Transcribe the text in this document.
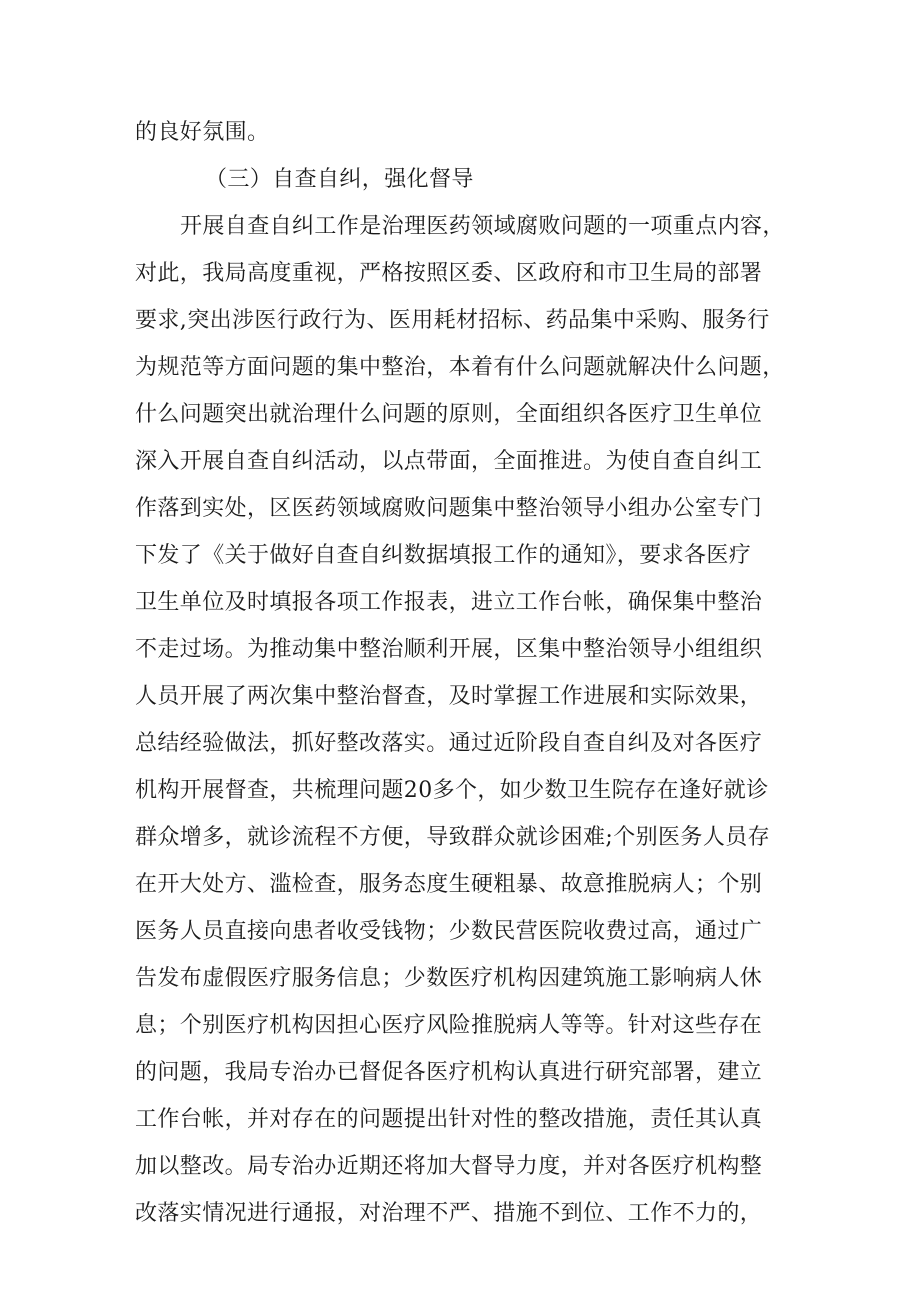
的良好氛围。
（三）自查自纠，强化督导
开展自查自纠工作是治理医药领域腐败问题的一项重点内容，
对此，我局高度重视，严格按照区委、区政府和市卫生局的部署
要求,突出涉医行政行为、医用耗材招标、药品集中采购、服务行
为规范等方面问题的集中整治，本着有什么问题就解决什么问题，
什么问题突出就治理什么问题的原则，全面组织各医疗卫生单位
深入开展自查自纠活动，以点带面，全面推进。为使自查自纠工
作落到实处，区医药领域腐败问题集中整治领导小组办公室专门
下发了《关于做好自查自纠数据填报工作的通知》，要求各医疗
卫生单位及时填报各项工作报表，进立工作台帐，确保集中整治
不走过场。为推动集中整治顺利开展，区集中整治领导小组组织
人员开展了两次集中整治督查，及时掌握工作进展和实际效果，
总结经验做法，抓好整改落实。通过近阶段自查自纠及对各医疗
机构开展督查，共梳理问题20多个，如少数卫生院存在逢好就诊
群众增多，就诊流程不方便，导致群众就诊困难;个别医务人员存
在开大处方、滥检查，服务态度生硬粗暴、故意推脱病人；个别
医务人员直接向患者收受钱物；少数民营医院收费过高，通过广
告发布虚假医疗服务信息；少数医疗机构因建筑施工影响病人休
息；个别医疗机构因担心医疗风险推脱病人等等。针对这些存在
的问题，我局专治办已督促各医疗机构认真进行研究部署，建立
工作台帐，并对存在的问题提出针对性的整改措施，责任其认真
加以整改。局专治办近期还将加大督导力度，并对各医疗机构整
改落实情况进行通报，对治理不严、措施不到位、工作不力的，
